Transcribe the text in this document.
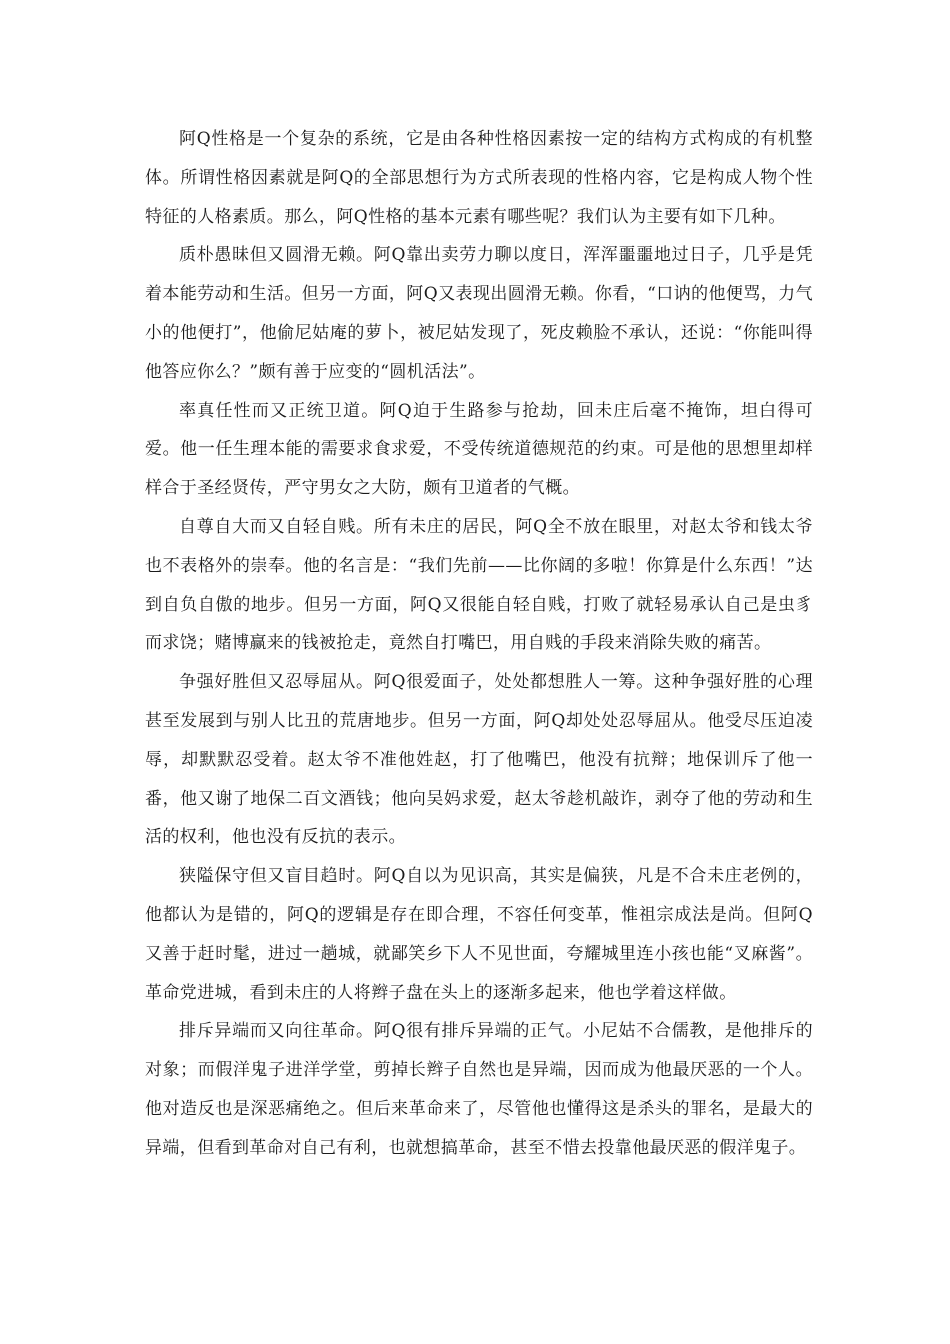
阿Q性格是一个复杂的系统，它是由各种性格因素按一定的结构方式构成的有机整体。所谓性格因素就是阿Q的全部思想行为方式所表现的性格内容，它是构成人物个性特征的人格素质。那么，阿Q性格的基本元素有哪些呢？我们认为主要有如下几种。

质朴愚昧但又圆滑无赖。阿Q靠出卖劳力聊以度日，浑浑噩噩地过日子，几乎是凭着本能劳动和生活。但另一方面，阿Q又表现出圆滑无赖。你看，“口讷的他便骂，力气小的他便打”，他偷尼姑庵的萝卜，被尼姑发现了，死皮赖脸不承认，还说：“你能叫得他答应你么？”颇有善于应变的“圆机活法”。

率真任性而又正统卫道。阿Q迫于生路参与抢劫，回未庄后毫不掩饰，坦白得可爱。他一任生理本能的需要求食求爱，不受传统道德规范的约束。可是他的思想里却样样合于圣经贤传，严守男女之大防，颇有卫道者的气概。

自尊自大而又自轻自贱。所有未庄的居民，阿Q全不放在眼里，对赵太爷和钱太爷也不表格外的崇奉。他的名言是：“我们先前——比你阔的多啦！你算是什么东西！”达到自负自傲的地步。但另一方面，阿Q又很能自轻自贱，打败了就轻易承认自己是虫豸而求饶；赌博赢来的钱被抢走，竟然自打嘴巴，用自贱的手段来消除失败的痛苦。

争强好胜但又忍辱屈从。阿Q很爱面子，处处都想胜人一筹。这种争强好胜的心理甚至发展到与别人比丑的荒唐地步。但另一方面，阿Q却处处忍辱屈从。他受尽压迫凌辱，却默默忍受着。赵太爷不准他姓赵，打了他嘴巴，他没有抗辩；地保训斥了他一番，他又谢了地保二百文酒钱；他向吴妈求爱，赵太爷趁机敲诈，剥夺了他的劳动和生活的权利，他也没有反抗的表示。

狭隘保守但又盲目趋时。阿Q自以为见识高，其实是偏狭，凡是不合未庄老例的，他都认为是错的，阿Q的逻辑是存在即合理，不容任何变革，惟祖宗成法是尚。但阿Q又善于赶时髦，进过一趟城，就鄙笑乡下人不见世面，夸耀城里连小孩也能“叉麻酱”。革命党进城，看到未庄的人将辫子盘在头上的逐渐多起来，他也学着这样做。

排斥异端而又向往革命。阿Q很有排斥异端的正气。小尼姑不合儒教，是他排斥的对象；而假洋鬼子进洋学堂，剪掉长辫子自然也是异端，因而成为他最厌恶的一个人。他对造反也是深恶痛绝之。但后来革命来了，尽管他也懂得这是杀头的罪名，是最大的异端，但看到革命对自己有利，也就想搞革命，甚至不惜去投靠他最厌恶的假洋鬼子。
